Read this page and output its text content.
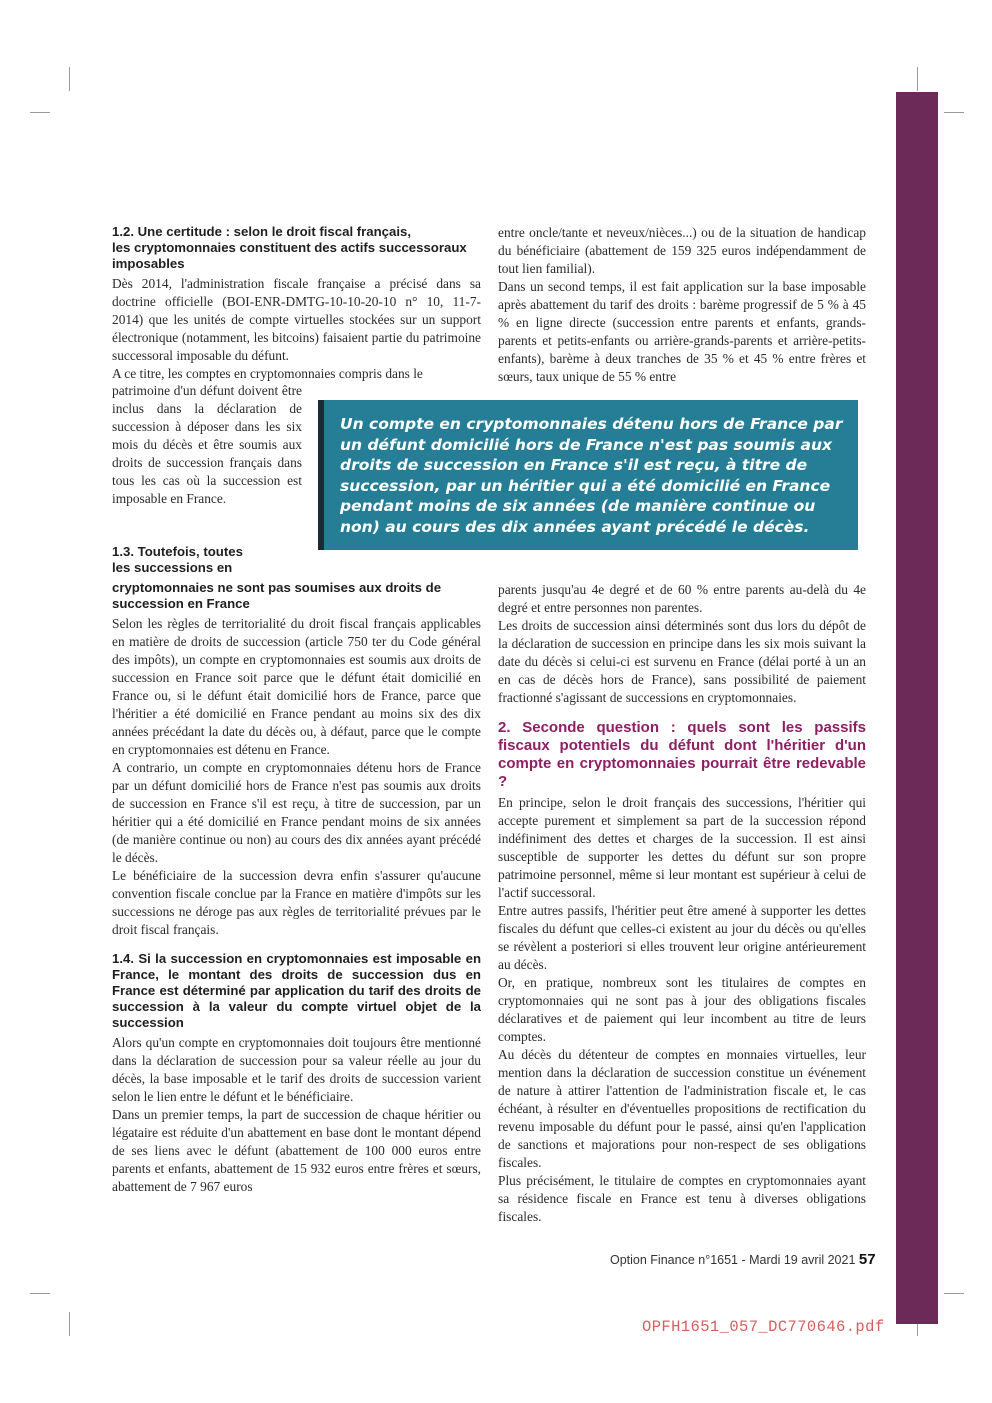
1.2. Une certitude : selon le droit fiscal français,

les cryptomonnaies constituent des actifs successoraux

imposables

Dès 2014, l'administration fiscale française a précisé dans sa doctrine officielle (BOI-ENR-DMTG-10-10-20-10 n° 10, 11-7-2014) que les unités de compte virtuelles stockées sur un support électronique (notamment, les bitcoins) faisaient partie du patrimoine successoral imposable du défunt.

A ce titre, les comptes en cryptomonnaies compris dans le

patrimoine d'un défunt doivent être inclus dans la déclaration de succession à déposer dans les six mois du décès et être soumis aux droits de succession français dans tous les cas où la succession est imposable en France.

Un compte en cryptomonnaies détenu hors de France par un défunt domicilié hors de France n'est pas soumis aux droits de succession en France s'il est reçu, à titre de succession, par un héritier qui a été domicilié en France pendant moins de six années (de manière continue ou non) au cours des dix années ayant précédé le décès.

1.3. Toutefois, toutes

les successions en

cryptomonnaies ne sont pas soumises aux droits de

succession en France

Selon les règles de territorialité du droit fiscal français applicables en matière de droits de succession (article 750 ter du Code général des impôts), un compte en cryptomonnaies est soumis aux droits de succession en France soit parce que le défunt était domicilié en France ou, si le défunt était domicilié hors de France, parce que l'héritier a été domicilié en France pendant au moins six des dix années précédant la date du décès ou, à défaut, parce que le compte en cryptomonnaies est détenu en France.

A contrario, un compte en cryptomonnaies détenu hors de France par un défunt domicilié hors de France n'est pas soumis aux droits de succession en France s'il est reçu, à titre de succession, par un héritier qui a été domicilié en France pendant moins de six années (de manière continue ou non) au cours des dix années ayant précédé le décès.

Le bénéficiaire de la succession devra enfin s'assurer qu'aucune convention fiscale conclue par la France en matière d'impôts sur les successions ne déroge pas aux règles de territorialité prévues par le droit fiscal français.

1.4. Si la succession en cryptomonnaies est imposable en France, le montant des droits de succession dus en France est déterminé par application du tarif des droits de succession à la valeur du compte virtuel objet de la succession

Alors qu'un compte en cryptomonnaies doit toujours être mentionné dans la déclaration de succession pour sa valeur réelle au jour du décès, la base imposable et le tarif des droits de succession varient selon le lien entre le défunt et le bénéficiaire.

Dans un premier temps, la part de succession de chaque héritier ou légataire est réduite d'un abattement en base dont le montant dépend de ses liens avec le défunt (abattement de 100 000 euros entre parents et enfants, abattement de 15 932 euros entre frères et sœurs, abattement de 7 967 euros

entre oncle/tante et neveux/nièces...) ou de la situation de handicap du bénéficiaire (abattement de 159 325 euros indépendamment de tout lien familial).

Dans un second temps, il est fait application sur la base imposable après abattement du tarif des droits : barème progressif de 5 % à 45 % en ligne directe (succession entre parents et enfants, grands-parents et petits-enfants ou arrière-grands-parents et arrière-petits-enfants), barème à deux tranches de 35 % et 45 % entre frères et sœurs, taux unique de 55 % entre

parents jusqu'au 4e degré et de 60 % entre parents au-delà du 4e degré et entre personnes non parentes.

Les droits de succession ainsi déterminés sont dus lors du dépôt de la déclaration de succession en principe dans les six mois suivant la date du décès si celui-ci est survenu en France (délai porté à un an en cas de décès hors de France), sans possibilité de paiement fractionné s'agissant de successions en cryptomonnaies.

2. Seconde question : quels sont les passifs fiscaux potentiels du défunt dont l'héritier d'un compte en cryptomonnaies pourrait être redevable ?

En principe, selon le droit français des successions, l'héritier qui accepte purement et simplement sa part de la succession répond indéfiniment des dettes et charges de la succession. Il est ainsi susceptible de supporter les dettes du défunt sur son propre patrimoine personnel, même si leur montant est supérieur à celui de l'actif successoral.

Entre autres passifs, l'héritier peut être amené à supporter les dettes fiscales du défunt que celles-ci existent au jour du décès ou qu'elles se révèlent a posteriori si elles trouvent leur origine antérieurement au décès.

Or, en pratique, nombreux sont les titulaires de comptes en cryptomonnaies qui ne sont pas à jour des obligations fiscales déclaratives et de paiement qui leur incombent au titre de leurs comptes.

Au décès du détenteur de comptes en monnaies virtuelles, leur mention dans la déclaration de succession constitue un événement de nature à attirer l'attention de l'administration fiscale et, le cas échéant, à résulter en d'éventuelles propositions de rectification du revenu imposable du défunt pour le passé, ainsi qu'en l'application de sanctions et majorations pour non-respect de ses obligations fiscales.

Plus précisément, le titulaire de comptes en cryptomonnaies ayant sa résidence fiscale en France est tenu à diverses obligations fiscales.

Option Finance n°1651 - Mardi 19 avril 2021 57
OPFH1651_057_DC770646.pdf
